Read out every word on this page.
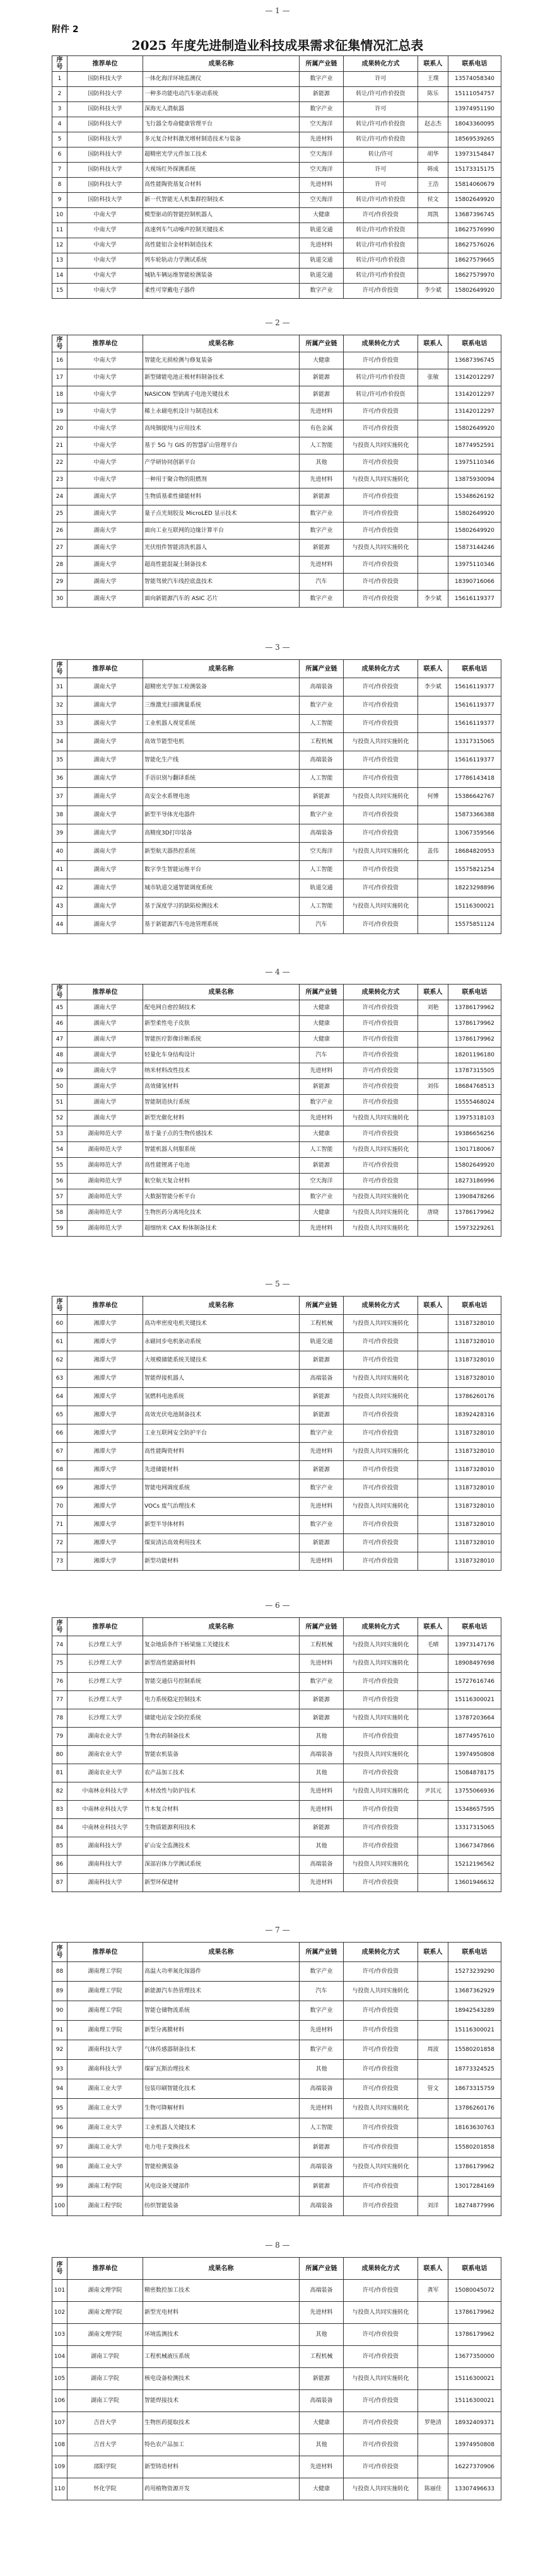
附件 2
2025 年度先进制造业科技成果需求征集情况汇总表
— 1 —
序号	推荐单位	成果名称	所属产业链	成果转化方式	联系人	联系电话
1	国防科技大学	一体化海洋环境监测仪	数字产业	许可	王璞	13574058340
2	国防科技大学	一种多功能电动汽车驱动系统	新能源	转让/许可/作价投资	陈乐	15111054757
3	国防科技大学	深海无人潜航器	数字产业	许可		13974951190
4	国防科技大学	飞行器全寿命健康管理平台	空天海洋	转让/许可/作价投资	赵志杰	18043360095
5	国防科技大学	多元复合材料激光增材制造技术与装备	先进材料	转让/许可/作价投资		18569539265
6	国防科技大学	超精密光学元件加工技术	空天海洋	转让/许可	胡华	13973154847
7	国防科技大学	大视场红外探测系统	空天海洋	许可	韩成	15173315175
8	国防科技大学	高性能陶瓷基复合材料	先进材料	许可	王浩	15814060679
9	国防科技大学	新一代智能无人机集群控制技术	空天海洋	转让/许可/作价投资	侯文	15802649920
10	中南大学	模型驱动的智能控制机器人	大健康	许可/作价投资	周凯	13687396745
11	中南大学	高速列车气动噪声控制关键技术	轨道交通	转让/许可/作价投资		18627576990
12	中南大学	高性能铝合金材料制造技术	先进材料	转让/许可/作价投资		18627576026
13	中南大学	列车轮轨动力学测试系统	轨道交通	转让/许可/作价投资		18627579665
14	中南大学	城轨车辆运维智能检测装备	轨道交通	转让/许可/作价投资		18627579970
15	中南大学	柔性可穿戴电子器件	数字产业	许可/作价投资	李少斌	15802649920
— 2 —
序号	推荐单位	成果名称	所属产业链	成果转化方式	联系人	联系电话
16	中南大学	智能化无损检测与修复装备	大健康	许可/作价投资		13687396745
17	中南大学	新型储能电池正极材料制备技术	新能源	转让/许可/作价投资	张敏	13142012297
18	中南大学	NASICON 型钠离子电池关键技术	新能源	转让/许可/作价投资		13142012297
19	中南大学	稀土永磁电机设计与制造技术	先进材料	许可/作价投资		13142012297
20	中南大学	高纯铟提纯与应用技术	有色金属	许可/作价投资		15802649920
21	中南大学	基于 5G 与 GIS 的智慧矿山管理平台	人工智能	与投资人共同实施转化		18774952591
22	中南大学	产学研协同创新平台	其他	许可/作价投资		13975110346
23	中南大学	一种用于聚合物的阻燃剂	先进材料	与投资人共同实施转化		13875930094
24	湖南大学	生物质基柔性储能材料	新能源	许可/作价投资		15348626192
25	湖南大学	量子点光刻胶及 MicroLED 显示技术	数字产业	许可/作价投资		15802649920
26	湖南大学	面向工业互联网的边缘计算平台	数字产业	许可/作价投资		15802649920
27	湖南大学	光伏组件智能清洗机器人	新能源	与投资人共同实施转化		15873144246
28	湖南大学	超高性能混凝土制备技术	先进材料	许可/作价投资		13975110346
29	湖南大学	智能驾驶汽车线控底盘技术	汽车	许可/作价投资		18390716066
30	湖南大学	面向新能源汽车的 ASIC 芯片	数字产业	许可/作价投资	李少斌	15616119377
— 3 —
序号	推荐单位	成果名称	所属产业链	成果转化方式	联系人	联系电话
31	湖南大学	超精密光学加工检测装备	高端装备	许可/作价投资	李少斌	15616119377
32	湖南大学	三维激光扫描测量系统	数字产业	许可/作价投资		15616119377
33	湖南大学	工业机器人视觉系统	人工智能	许可/作价投资		15616119377
34	湖南大学	高效节能型电机	工程机械	与投资人共同实施转化		13317315065
35	湖南大学	智能化生产线	高端装备	许可/作价投资		15616119377
36	湖南大学	手语识别与翻译系统	人工智能	许可/作价投资		17786143418
37	湖南大学	高安全水系锂电池	新能源	与投资人共同实施转化	何博	15386642767
38	湖南大学	新型半导体光电器件	数字产业	许可/作价投资		15873366388
39	湖南大学	高精度3D打印装备	高端装备	许可/作价投资		13067359566
40	湖南大学	新型航天器热控系统	空天海洋	与投资人共同实施转化	盖伟	18684820953
41	湖南大学	数字孪生智能运维平台	人工智能	许可/作价投资		15575821254
42	湖南大学	城市轨道交通智能调度系统	轨道交通	许可/作价投资		18223298896
43	湖南大学	基于深度学习的缺陷检测技术	人工智能	与投资人共同实施转化		15116300021
44	湖南大学	基于新能源汽车电池管理系统	汽车	许可/作价投资		15575851124
— 4 —
序号	推荐单位	成果名称	所属产业链	成果转化方式	联系人	联系电话
45	湖南大学	配电网自愈控制技术	大健康	许可/作价投资	刘艳	13786179962
46	湖南大学	新型柔性电子皮肤	大健康	许可/作价投资		13786179962
47	湖南大学	智能医疗影像诊断系统	大健康	许可/作价投资		13786179962
48	湖南大学	轻量化车身结构设计	汽车	许可/作价投资		18201196180
49	湖南大学	纳米材料改性技术	先进材料	许可/作价投资		13787315505
50	湖南大学	高效储氢材料	新能源	许可/作价投资	刘伟	18684768513
51	湖南大学	智能制造执行系统	数字产业	许可/作价投资		15555468024
52	湖南大学	新型光催化材料	先进材料	与投资人共同实施转化		13975318103
53	湖南师范大学	基于量子点的生物传感技术	大健康	许可/作价投资		19386656256
54	湖南师范大学	智能机器人伺服系统	人工智能	与投资人共同实施转化		13017180067
55	湖南师范大学	高性能锂离子电池	新能源	许可/作价投资		15802649920
56	湖南师范大学	航空航天复合材料	空天海洋	许可/作价投资		18273186996
57	湖南师范大学	大数据智能分析平台	数字产业	与投资人共同实施转化		13908478266
58	湖南师范大学	生物医药分离纯化技术	大健康	与投资人共同实施转化	唐晓	13786179962
59	湖南师范大学	超细纳米 CAX 粉体制备技术	先进材料	与投资人共同实施转化		15973229261
— 5 —
序号	推荐单位	成果名称	所属产业链	成果转化方式	联系人	联系电话
60	湘潭大学	高功率密度电机关键技术	工程机械	与投资人共同实施转化		13187328010
61	湘潭大学	永磁同步电机驱动系统	轨道交通	许可/作价投资		13187328010
62	湘潭大学	大规模储能系统关键技术	新能源	许可/作价投资		13187328010
63	湘潭大学	智能焊接机器人	高端装备	与投资人共同实施转化		13187328010
64	湘潭大学	氢燃料电池系统	新能源	与投资人共同实施转化		13786260176
65	湘潭大学	高效光伏电池制备技术	新能源	许可/作价投资		18392428316
66	湘潭大学	工业互联网安全防护平台	数字产业	许可/作价投资		13187328010
67	湘潭大学	高性能陶瓷材料	先进材料	与投资人共同实施转化		13187328010
68	湘潭大学	先进储能材料	新能源	许可/作价投资		13187328010
69	湘潭大学	智能电网调度系统	数字产业	许可/作价投资		13187328010
70	湘潭大学	VOCs 废气治理技术	先进材料	与投资人共同实施转化		13187328010
71	湘潭大学	新型半导体材料	数字产业	许可/作价投资		13187328010
72	湘潭大学	煤炭清洁高效利用技术	新能源	许可/作价投资		13187328010
73	湘潭大学	新型功能材料	先进材料	许可/作价投资		13187328010
— 6 —
序号	推荐单位	成果名称	所属产业链	成果转化方式	联系人	联系电话
74	长沙理工大学	复杂地质条件下桥梁施工关键技术	工程机械	与投资人共同实施转化	毛晴	13973147176
75	长沙理工大学	新型高性能路面材料	先进材料	与投资人共同实施转化		18908497698
76	长沙理工大学	智能交通信号控制系统	数字产业	许可/作价投资		15727616746
77	长沙理工大学	电力系统稳定控制技术	新能源	许可/作价投资		15116300021
78	长沙理工大学	储能电站安全防控系统	新能源	与投资人共同实施转化		13787203664
79	湖南农业大学	生物农药制备技术	其他	许可/作价投资		18774957610
80	湖南农业大学	智能农机装备	高端装备	与投资人共同实施转化		13974950808
81	湖南农业大学	农产品加工技术	其他	许可/作价投资		15084878175
82	中南林业科技大学	木材改性与防护技术	先进材料	与投资人共同实施转化	尹其元	13755066936
83	中南林业科技大学	竹木复合材料	先进材料	许可/作价投资		15348657595
84	中南林业科技大学	生物质能源利用技术	新能源	许可/作价投资		13317315065
85	湖南科技大学	矿山安全监测技术	其他	许可/作价投资		13667347866
86	湖南科技大学	深部岩体力学测试系统	高端装备	与投资人共同实施转化		15212196562
87	湖南科技大学	新型环保建材	先进材料	许可/作价投资		13601946632
— 7 —
序号	推荐单位	成果名称	所属产业链	成果转化方式	联系人	联系电话
88	湖南理工学院	高温大功率氮化镓器件	数字产业	许可/作价投资		15273239290
89	湖南理工学院	新能源汽车热管理技术	汽车	与投资人共同实施转化		13687362929
90	湖南理工学院	智能仓储物流系统	数字产业	许可/作价投资		18942543289
91	湖南理工学院	新型分离膜材料	先进材料	许可/作价投资		15116300021
92	湖南科技大学	气体传感器制备技术	数字产业	许可/作价投资	周波	15580201858
93	湖南科技大学	煤矿瓦斯治理技术	其他	许可/作价投资		18773324525
94	湖南工业大学	包装印刷智能化技术	高端装备	许可/作价投资	管文	18673315759
95	湖南工业大学	生物可降解材料	先进材料	与投资人共同实施转化		13786260176
96	湖南工业大学	工业机器人关键技术	人工智能	许可/作价投资		18163630763
97	湖南工业大学	电力电子变换技术	新能源	许可/作价投资		15580201858
98	湖南工业大学	智能检测装备	高端装备	与投资人共同实施转化		13786179962
99	湖南工程学院	风电设备关键部件	新能源	许可/作价投资		13017284169
100	湖南工程学院	纺织智能装备	高端装备	许可/作价投资	刘洋	18274877996
— 8 —
序号	推荐单位	成果名称	所属产业链	成果转化方式	联系人	联系电话
101	湖南文理学院	精密数控加工技术	高端装备	许可/作价投资	龚军	15080045072
102	湖南文理学院	新型光电材料	先进材料	与投资人共同实施转化		13786179962
103	湖南文理学院	环境监测技术	其他	许可/作价投资		13786179962
104	湖南工学院	工程机械液压系统	工程机械	许可/作价投资		13677350000
105	湖南工学院	核电设备检测技术	新能源	与投资人共同实施转化		15116300021
106	湖南工学院	智能焊接技术	高端装备	许可/作价投资		15116300021
107	吉首大学	生物医药提取技术	大健康	许可/作价投资	罗艳清	18932409371
108	吉首大学	特色农产品加工	其他	许可/作价投资		13974950808
109	邵阳学院	新型铸造材料	先进材料	许可/作价投资		16227370906
110	怀化学院	药用植物资源开发	大健康	与投资人共同实施转化	陈丽佳	13307496633
